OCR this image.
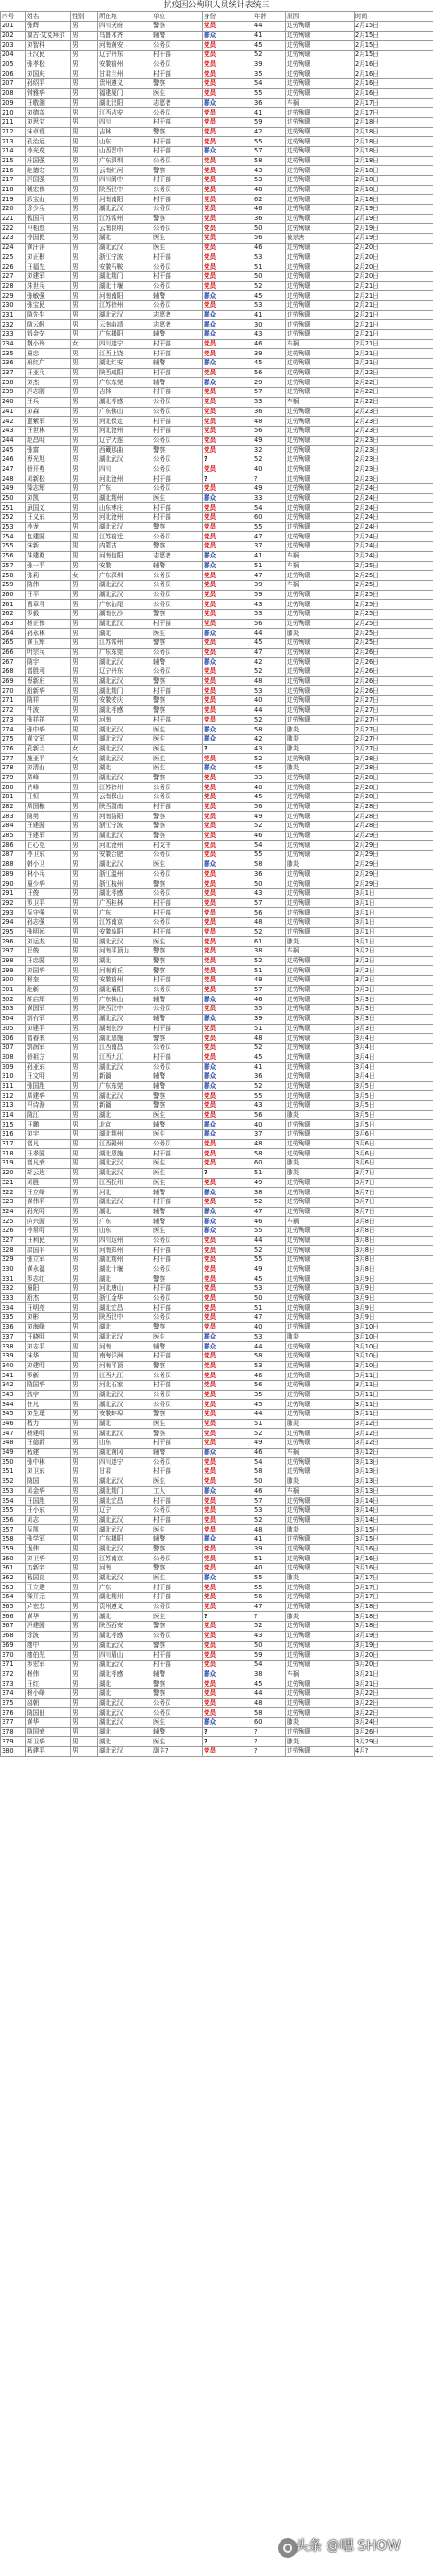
抗疫因公殉职人员统计表统三
序号	姓名	性别	所在地	单位	身份	年龄	原因	时间
201	张辉	男	四川天府	警察	党员	44	过劳殉职	2月15日
202	莫古·艾克拜尔	男	乌鲁木齐	辅警	群众	41	过劳殉职	2月15日
203	刘智科	男	河南黄安	公务员	党员	45	过劳殉职	2月15日
204	王汉民	男	辽宁丹东	村干部	党员	52	过劳殉职	2月15日
205	张孝松	男	安徽宿州	公务员	党员	39	过劳殉职	2月16日
206	刘国庆	男	甘肃兰州	村干部	党员	35	过劳殉职	2月16日
207	孙绍平	男	贵州遵义	警察	党员	54	过劳殉职	2月16日
208	钟雅华	男	福建厦门	医生	党员	55	过劳殉职	2月16日
209	王敬湘	男	湖北汉阳	志愿者	群众	36	车祸	2月17日
210	刘德高	男	江西吉安	公务员	党员	41	过劳殉职	2月17日
211	刘思宝	男	四川	村干部	党员	59	过劳殉职	2月18日
212	宋卓毅	男	吉林	警察	党员	42	过劳殉职	2月18日
213	孔治运	男	山东	村干部	党员	55	过劳殉职	2月18日
214	李光成	男	山西晋中	村干部	群众	57	过劳殉职	2月18日
215	庄国强	男	广东深圳	公务员	党员	58	过劳殉职	2月18日
216	赵德宏	男	云南红河	警察	党员	43	过劳殉职	2月18日
217	冯国强	男	四川阆中	村干部	党员	53	过劳殉职	2月18日
218	姚宏伟	男	陕西汉中	公务员	党员	48	过劳殉职	2月18日
219	段宝山	男	河南南阳	村干部	党员	62	过劳殉职	2月18日
220	余少兵	男	湖北武汉	公务员	党员	46	过劳殉职	2月19日
221	倪国君	男	江苏常州	警察	党员	36	过劳殉职	2月19日
222	马相恩	男	云南昆明	公务员	党员	50	过劳殉职	2月19日
223	李国民	男	湖北	医生	党员	56	被杀害	2月19日
224	黄汗洋	男	湖北武汉	医生	党员	46	过劳殉职	2月20日
225	刘正彬	男	浙江宁波	村干部	党员	53	过劳殉职	2月20日
226	王福先	男	安徽马鞍	公务员	党员	51	过劳殉职	2月20日
227	刘建军	男	湖北荆门	村干部	党员	50	过劳殉职	2月20日
228	朱世兵	男	湖北十堰	公务员	党员	52	过劳殉职	2月21日
229	张敏强	男	河南南阳	辅警	群众	45	过劳殉职	2月21日
230	张宝民	男	江苏徐州	公务员	党员	53	过劳殉职	2月21日
231	陈先生	男	湖北武汉	志愿者	群众	41	过劳殉职	2月21日
232	陈云帆	男	云南曲靖	志愿者	群众	30	过劳殉职	2月21日
233	钱金安	男	广东揭阳	辅警	群众	43	过劳殉职	2月21日
234	魏小玲	女	四川遂宁	村干部	党员	46	车祸	2月21日
235	夏忠	男	江西上饶	村干部	党员	39	过劳殉职	2月21日
236	邢红广	男	湖北红安	辅警	群众	45	过劳殉职	2月21日
237	王亚兵	男	陕西咸阳	村干部	党员	56	过劳殉职	2月22日
238	刘杰	男	广东东莞	辅警	群众	29	过劳殉职	2月22日
239	冯志刚	男	吉林	村干部	党员	57	过劳殉职	2月22日
240	王兵	男	湖北孝感	公务员	党员	53	车祸	2月22日
241	刘森	男	广东佛山	公务员	党员	36	过劳殉职	2月23日
242	蓝紫军	男	河北保定	村干部	党员	48	过劳殉职	2月23日
243	王世林	男	河北沧州	村干部	党员	56	过劳殉职	2月23日
244	赵昌明	男	辽宁大连	公务员	党员	49	过劳殉职	2月23日
245	张富	男	西藏那曲	警察	党员	32	过劳殉职	2月23日
246	蔡光旭	男	湖北武汉	公务员	?	52	过劳殉职	2月23日
247	徐开勇	男	四川	公务员	党员	40	过劳殉职	2月23日
248	邓新松	男	河北沧州	村干部	?	?	过劳殉职	2月23日
249	梁志辉	男	广东	公务员	党员	49	过劳殉职	2月24日
250	刘凯	男	湖北荆州	医生	群众	33	过劳殉职	2月24日
251	武国义	男	山东枣庄	村干部	党员	54	过劳殉职	2月24日
252	王义东	男	河北沧州	村干部	党员	60	过劳殉职	2月24日
253	李龙	男	湖北武汉	警察	党员	55	过劳殉职	2月24日
254	包建国	男	江苏宿迁	公务员	党员	47	过劳殉职	2月24日
255	宋新	男	内蒙古	警察	党员	37	过劳殉职	2月24日
256	朱建勇	男	河南信阳	志愿者	群众	41	车祸	2月24日
257	张一平	男	安徽	辅警	群众	51	车祸	2月25日
258	张莉	女	广东深圳	公务员	党员	47	过劳殉职	2月25日
259	陈伟	男	湖北武汉	公务员	党员	39	车祸	2月25日
260	王平	男	湖北武汉	公务员	党员	59	过劳殉职	2月25日
261	曹章君	男	广东汕尾	公务员	党员	43	过劳殉职	2月25日
262	罗毅	男	湖南长沙	警察	党员	53	过劳殉职	2月25日
263	杨正伟	男	湖北武汉	村干部	党员	56	过劳殉职	2月25日
264	孙永林	男	湖北	医生	群众	44	肺炎	2月25日
265	黄玉辉	男	江苏常州	警察	党员	45	过劳殉职	2月25日
266	叶宗兵	男	广东东莞	公务员	党员	47	过劳殉职	2月26日
267	陈宇	男	湖北武汉	辅警	群众	42	过劳殉职	2月26日
268	曾胜利	男	辽宁丹东	公务员	党员	52	过劳殉职	2月26日
269	蔡新庄	男	湖北武汉	警察	党员	48	过劳殉职	2月26日
270	舒新华	男	湖北荆门	村干部	党员	53	过劳殉职	2月26日
271	陈祥	男	安徽安庆	警察	党员	40	过劳殉职	2月27日
272	牛波	男	湖北孝感	警察	党员	44	过劳殉职	2月27日
273	张祥祥	男	河南	村干部	党员	52	过劳殉职	2月27日
274	张中华	男	湖北武汉	医生	群众	58	肺炎	2月27日
275	黄文军	男	湖北武汉	医生	群众	42	肺炎	2月27日
276	孔新兰	女	湖北武汉	医生	?	43	肺炎	2月27日
277	施亚平	女	湖北武汉	医生	党员	52	过劳殉职	2月28日
278	刘清山	男	湖北	医生	群众	45	肺炎	2月28日
279	周峰	男	湖北武汉	警察	党员	33	过劳殉职	2月28日
280	肖峰	男	江苏徐州	公务员	党员	40	过劳殉职	2月28日
281	王恒	男	云南保山	公务员	党员	45	过劳殉职	2月28日
282	周国栋	男	陕西渭南	村干部	党员	56	过劳殉职	2月28日
283	陈勇	男	河南洛阳	警察	党员	49	过劳殉职	2月28日
284	王建国	男	浙江宁波	警察	党员	52	过劳殉职	2月28日
285	王建军	男	湖北武汉	警察	党员	46	过劳殉职	2月29日
286	白心克	男	河北沧州	村支书	党员	54	过劳殉职	2月29日
287	李卫东	男	安徽合肥	公务员	党员	55	过劳殉职	2月29日
288	韩小卫	男	湖北武汉	医生	群众	58	肺炎	2月29日
289	林小兵	男	浙江温州	公务员	党员	36	过劳殉职	2月29日
290	夏少华	男	浙江杭州	警察	党员	50	过劳殉职	2月29日
291	王俊	男	湖北孝感	公务员	党员	43	过劳殉职	3月1日
292	罗卫平	男	广西桂林	村干部	党员	57	过劳殉职	3月1日
293	吴守强	男	广东	村干部	党员	56	过劳殉职	3月1日
294	孙志强	男	江苏南京	公务员	党员	48	过劳殉职	3月1日
295	张明远	男	安徽阜阳	村干部	党员	52	过劳殉职	3月1日
296	刘运杰	男	湖北武汉	医生	党员	61	肺炎	3月1日
297	吕俊	男	河南平顶山	警察	党员	38	车祸	3月2日
298	王忠国	男	湖北	警察	党员	52	过劳殉职	3月2日
299	刘国华	男	河南商丘	警察	党员	51	过劳殉职	3月2日
300	杨奎	男	安徽宿州	村干部	党员	49	过劳殉职	3月2日
301	赵新	男	湖北襄阳	公务员	党员	57	过劳殉职	3月3日
302	胡启辉	男	广东佛山	辅警	群众	46	过劳殉职	3月3日
303	黄国军	男	陕西汉中	公务员	党员	55	过劳殉职	3月3日
304	郭有军	男	湖北武汉	辅警	群众	39	过劳殉职	3月3日
305	刘建平	男	湖南长沙	村干部	党员	51	过劳殉职	3月3日
306	曾春来	男	湖北恩施	警察	党员	48	过劳殉职	3月4日
307	郭润军	男	江西南昌	公务员	党员	52	过劳殉职	3月4日
308	徐祖方	男	江西九江	村干部	党员	45	过劳殉职	3月4日
309	孙亚东	男	湖北武汉	公务员	群众	41	过劳殉职	3月4日
310	王文明	男	新疆	辅警	群众	36	过劳殉职	3月4日
311	张国胜	男	广东东莞	辅警	群众	52	过劳殉职	3月5日
312	周建华	男	湖北武汉	警察	党员	55	过劳殉职	3月5日
313	马诗涛	男	新疆	警察	党员	43	过劳殉职	3月5日
314	陈江	男	湖北	医生	党员	56	肺炎	3月5日
315	王鹏	男	北京	辅警	群众	40	过劳殉职	3月5日
316	刘宇	男	湖北荆州	医生	群众	37	过劳殉职	3月6日
317	曾凡	男	江西赣州	公务员	党员	48	过劳殉职	3月6日
318	王孝国	男	湖北恩施	村干部	党员	58	过劳殉职	3月6日
319	曾凡荣	男	湖北武汉	医生	党员	60	肺炎	3月6日
320	胡云达	男	湖北武汉	医生	?	51	肺炎	3月7日
321	邓胜	男	江西抚州	医生	党员	49	过劳殉职	3月7日
322	王立峰	男	河北	辅警	群众	38	过劳殉职	3月7日
323	黄伟平	男	湖北武汉	村干部	党员	52	过劳殉职	3月7日
324	孙光明	男	湖北	辅警	群众	47	过劳殉职	3月7日
325	向兴国	男	广东	辅警	群众	46	车祸	3月8日
326	李常明	男	山东	医生	群众	55	过劳殉职	3月8日
327	王利民	男	四川达州	公务员	党员	44	过劳殉职	3月8日
328	高国平	男	河南郑州	村干部	党员	52	过劳殉职	3月8日
329	张立军	男	湖北荆州	村干部	党员	55	过劳殉职	3月8日
330	黄永福	男	湖北十堰	公务员	党员	49	过劳殉职	3月8日
331	罗志红	男	湖北	警察	党员	45	过劳殉职	3月9日
332	夏阳	男	河北唐山	村干部	党员	53	过劳殉职	3月9日
333	舒杰	男	浙江金华	公务员	党员	50	过劳殉职	3月9日
334	王明亮	男	湖北宜昌	村干部	党员	51	过劳殉职	3月9日
335	刘彬	男	陕西汉中	公务员	党员	47	过劳殉职	3月9日
336	刘海峰	男	湖北	警察	党员	40	过劳殉职	3月10日
337	王晓明	男	湖北武汉	医生	群众	53	肺炎	3月10日
338	刘志平	男	河南	辅警	群众	44	过劳殉职	3月10日
339	宋华	男	南海洋洲	村干部	党员	58	过劳殉职	3月10日
340	刘建明	男	河南平顶	警察	党员	53	过劳殉职	3月10日
341	罗新	男	江西九江	公务员	党员	46	过劳殉职	3月11日
342	陈国华	男	河北石家	村干部	党员	56	过劳殉职	3月11日
343	沈宇	男	湖北武汉	公务员	党员	35	过劳殉职	3月11日
344	伍凡	男	湖北武汉	公务员	党员	45	过劳殉职	3月11日
345	刘生理	男	安徽蚌埠	警察	党员	44	过劳殉职	3月11日
346	程力	男	湖北	医生	党员	51	肺炎	3月12日
347	杨建明	男	湖北武汉	警察	党员	52	过劳殉职	3月12日
348	王德新	男	山东	村干部	党员	49	过劳殉职	3月12日
349	程建	男	湖北黄冈	辅警	群众	46	车祸	3月12日
350	张中林	男	四川遂宁	公务员	党员	54	过劳殉职	3月13日
351	刘卫东	男	甘肃	村干部	党员	58	过劳殉职	3月13日
352	陈国	男	湖北武汉	医生	党员	50	肺炎	3月13日
353	邓金华	男	湖北荆门	工人	群众	46	车祸	3月13日
354	王国胜	男	湖北宜昌	村干部	党员	57	过劳殉职	3月14日
355	王小东	男	辽宁	公务员	党员	53	过劳殉职	3月14日
356	邓志	男	湖北武汉	村干部	党员	52	过劳殉职	3月14日
357	吴凯	男	湖北武汉	医生	党员	48	肺炎	3月15日
358	张学军	男	广东揭阳	辅警	群众	41	过劳殉职	3月15日
359	龙伟	男	湖北武汉	警察	党员	39	过劳殉职	3月16日
360	刘卫华	男	江苏南京	公务员	党员	51	过劳殉职	3月16日
361	万新宇	男	河南	警察	党员	40	过劳殉职	3月16日
362	程国良	男	湖北武汉	医生	群众	55	肺炎	3月17日
363	王立建	男	广东	村干部	党员	55	过劳殉职	3月17日
364	梁开元	男	湖北荆州	村干部	党员	56	过劳殉职	3月17日
365	卢宏忠	男	贵州遵义	公务员	党员	47	过劳殉职	3月18日
366	黄华	男	湖北	医生	?	?	肺炎	3月18日
367	冯建国	男	陕西西安	警察	党员	52	过劳殉职	3月18日
368	余波	男	湖北孝感	公务员	党员	43	过劳殉职	3月19日
369	廖中	男	湖北武汉	警察	党员	50	过劳殉职	3月19日
370	廖伯光	男	四川眉山	村干部	党员	59	过劳殉职	3月20日
371	罗宏军	男	湖北武汉	村干部	党员	54	过劳殉职	3月20日
372	杨伟	男	湖北孝感	辅警	群众	38	车祸	3月21日
373	王红	男	湖北	警察	党员	45	过劳殉职	3月21日
374	杨小峰	男	湖北	警察	党员	44	过劳殉职	3月22日
375	邵朝	男	湖北武汉	公务员	党员	48	过劳殉职	3月22日
376	陈国田	男	湖北武汉	公务员	党员	58	过劳殉职	3月22日
377	黄华	男	湖北武汉	医生	群众	60	肺炎	3月24日
378	陈国荣	男	湖北	辅警	?	?	过劳殉职	3月26日
379	胡卫华	男	湖北	医生	?	?	肺炎	3月29日
380	程建平	男	湖北武汉	副主?	党员	?	过劳殉职	4月?
头条 @嗯 SHOW
